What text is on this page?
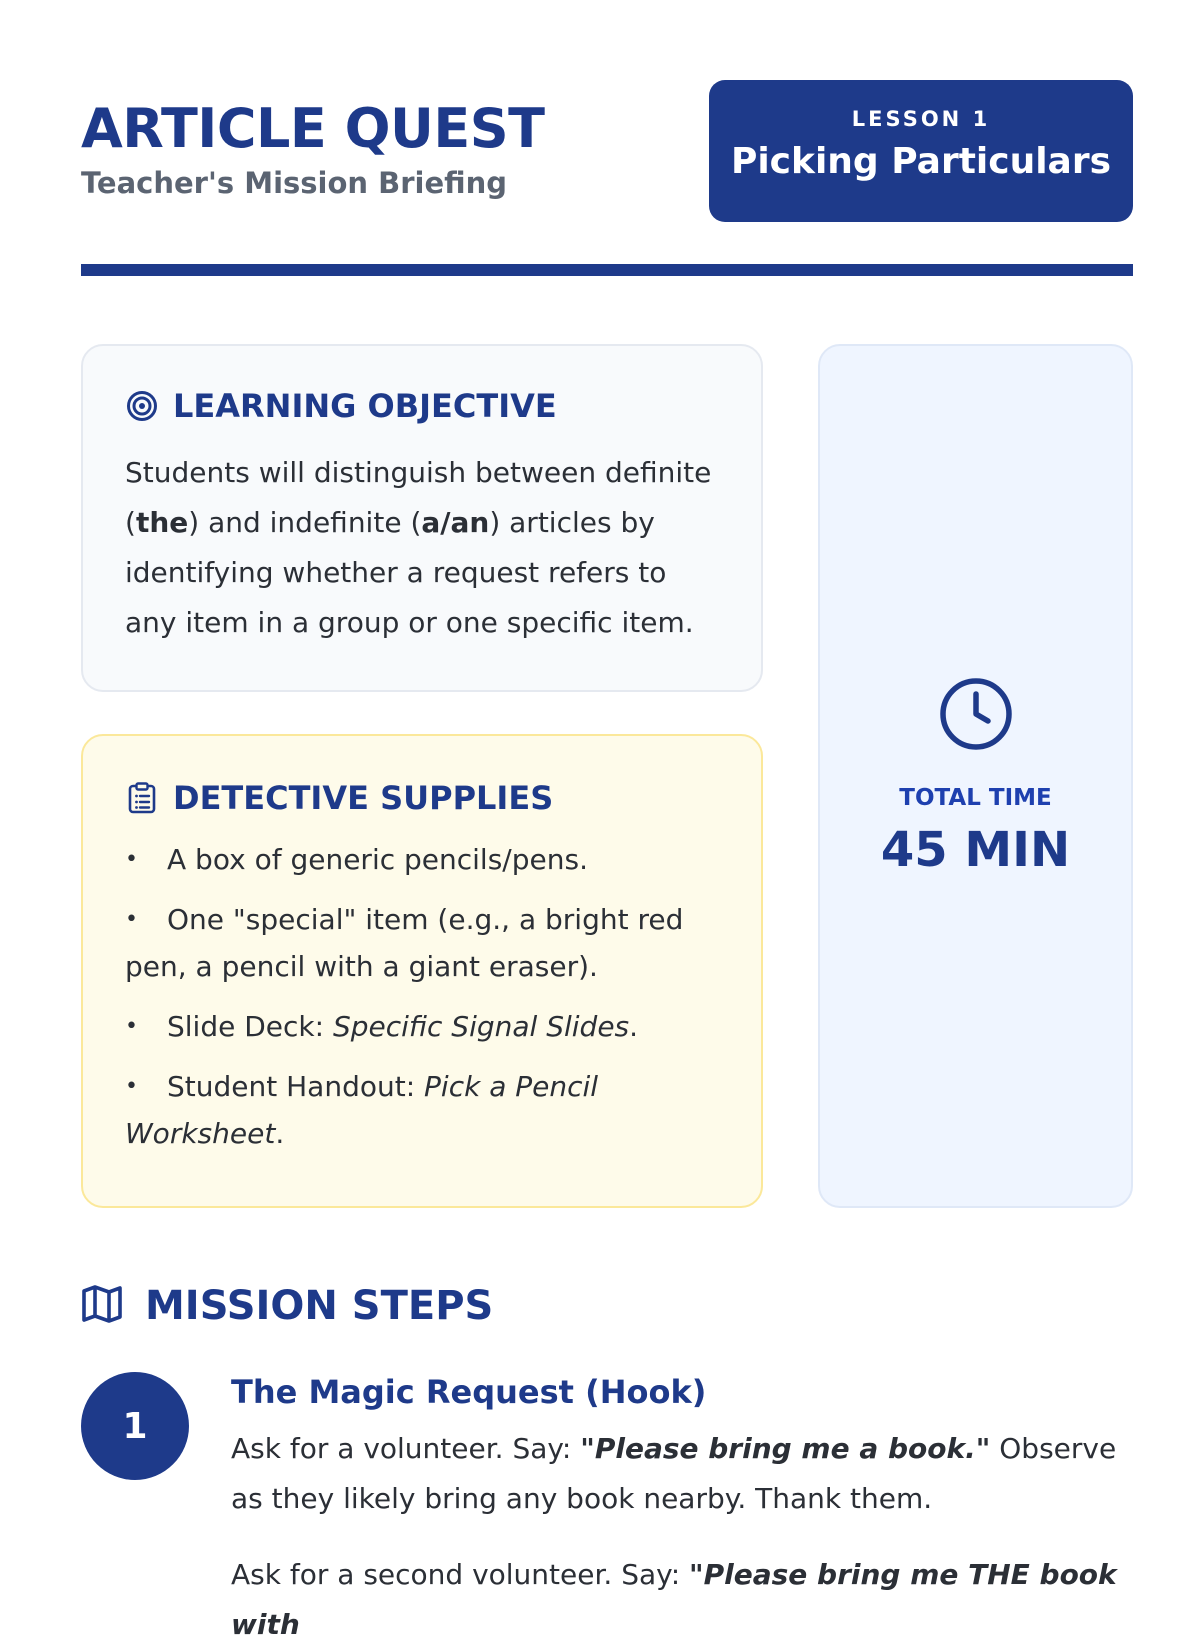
ARTICLE QUEST
Teacher's Mission Briefing
LESSON 1
Picking Particulars
LEARNING OBJECTIVE

Students will distinguish between definite (the) and indefinite (a/an) articles by identifying whether a request refers to any item in a group or one specific item.

DETECTIVE SUPPLIES
• A box of generic pencils/pens.
• One "special" item (e.g., a bright red pen, a pencil with a giant eraser).
• Slide Deck: Specific Signal Slides.
• Student Handout: Pick a Pencil Worksheet.
TOTAL TIME
45 MIN
MISSION STEPS
1
The Magic Request (Hook)

Ask for a volunteer. Say: "Please bring me a book." Observe as they likely bring any book nearby. Thank them.

Ask for a second volunteer. Say: "Please bring me THE book with
